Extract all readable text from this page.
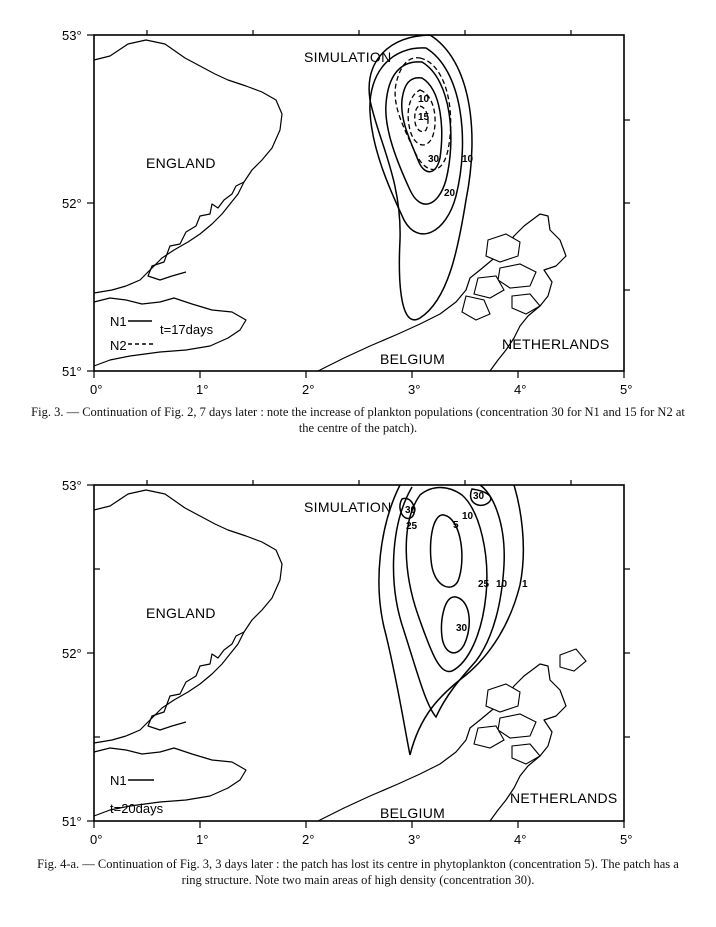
10
15
30 10
20
SIMULATION
ENGLAND
BELGIUM
NETHERLANDS
N1
N2
t=17days
53°
52°
51°
0°	1°	2°	3°	4°	5°
Fig. 3. — Continuation of Fig. 2, 7 days later : note the increase of plankton populations (concentration 30 for N1 and 15 for N2 at the centre of the patch).
30
25	5
10
30
25 10 1
30
SIMULATION
ENGLAND
BELGIUM
NETHERLANDS
N1
t=20days
53°
52°
51°
0°	1°	2°	3°	4°	5°
Fig. 4-a. — Continuation of Fig. 3, 3 days later : the patch has lost its centre in phytoplankton (concentration 5). The patch has a ring structure. Note two main areas of high density (concentration 30).
